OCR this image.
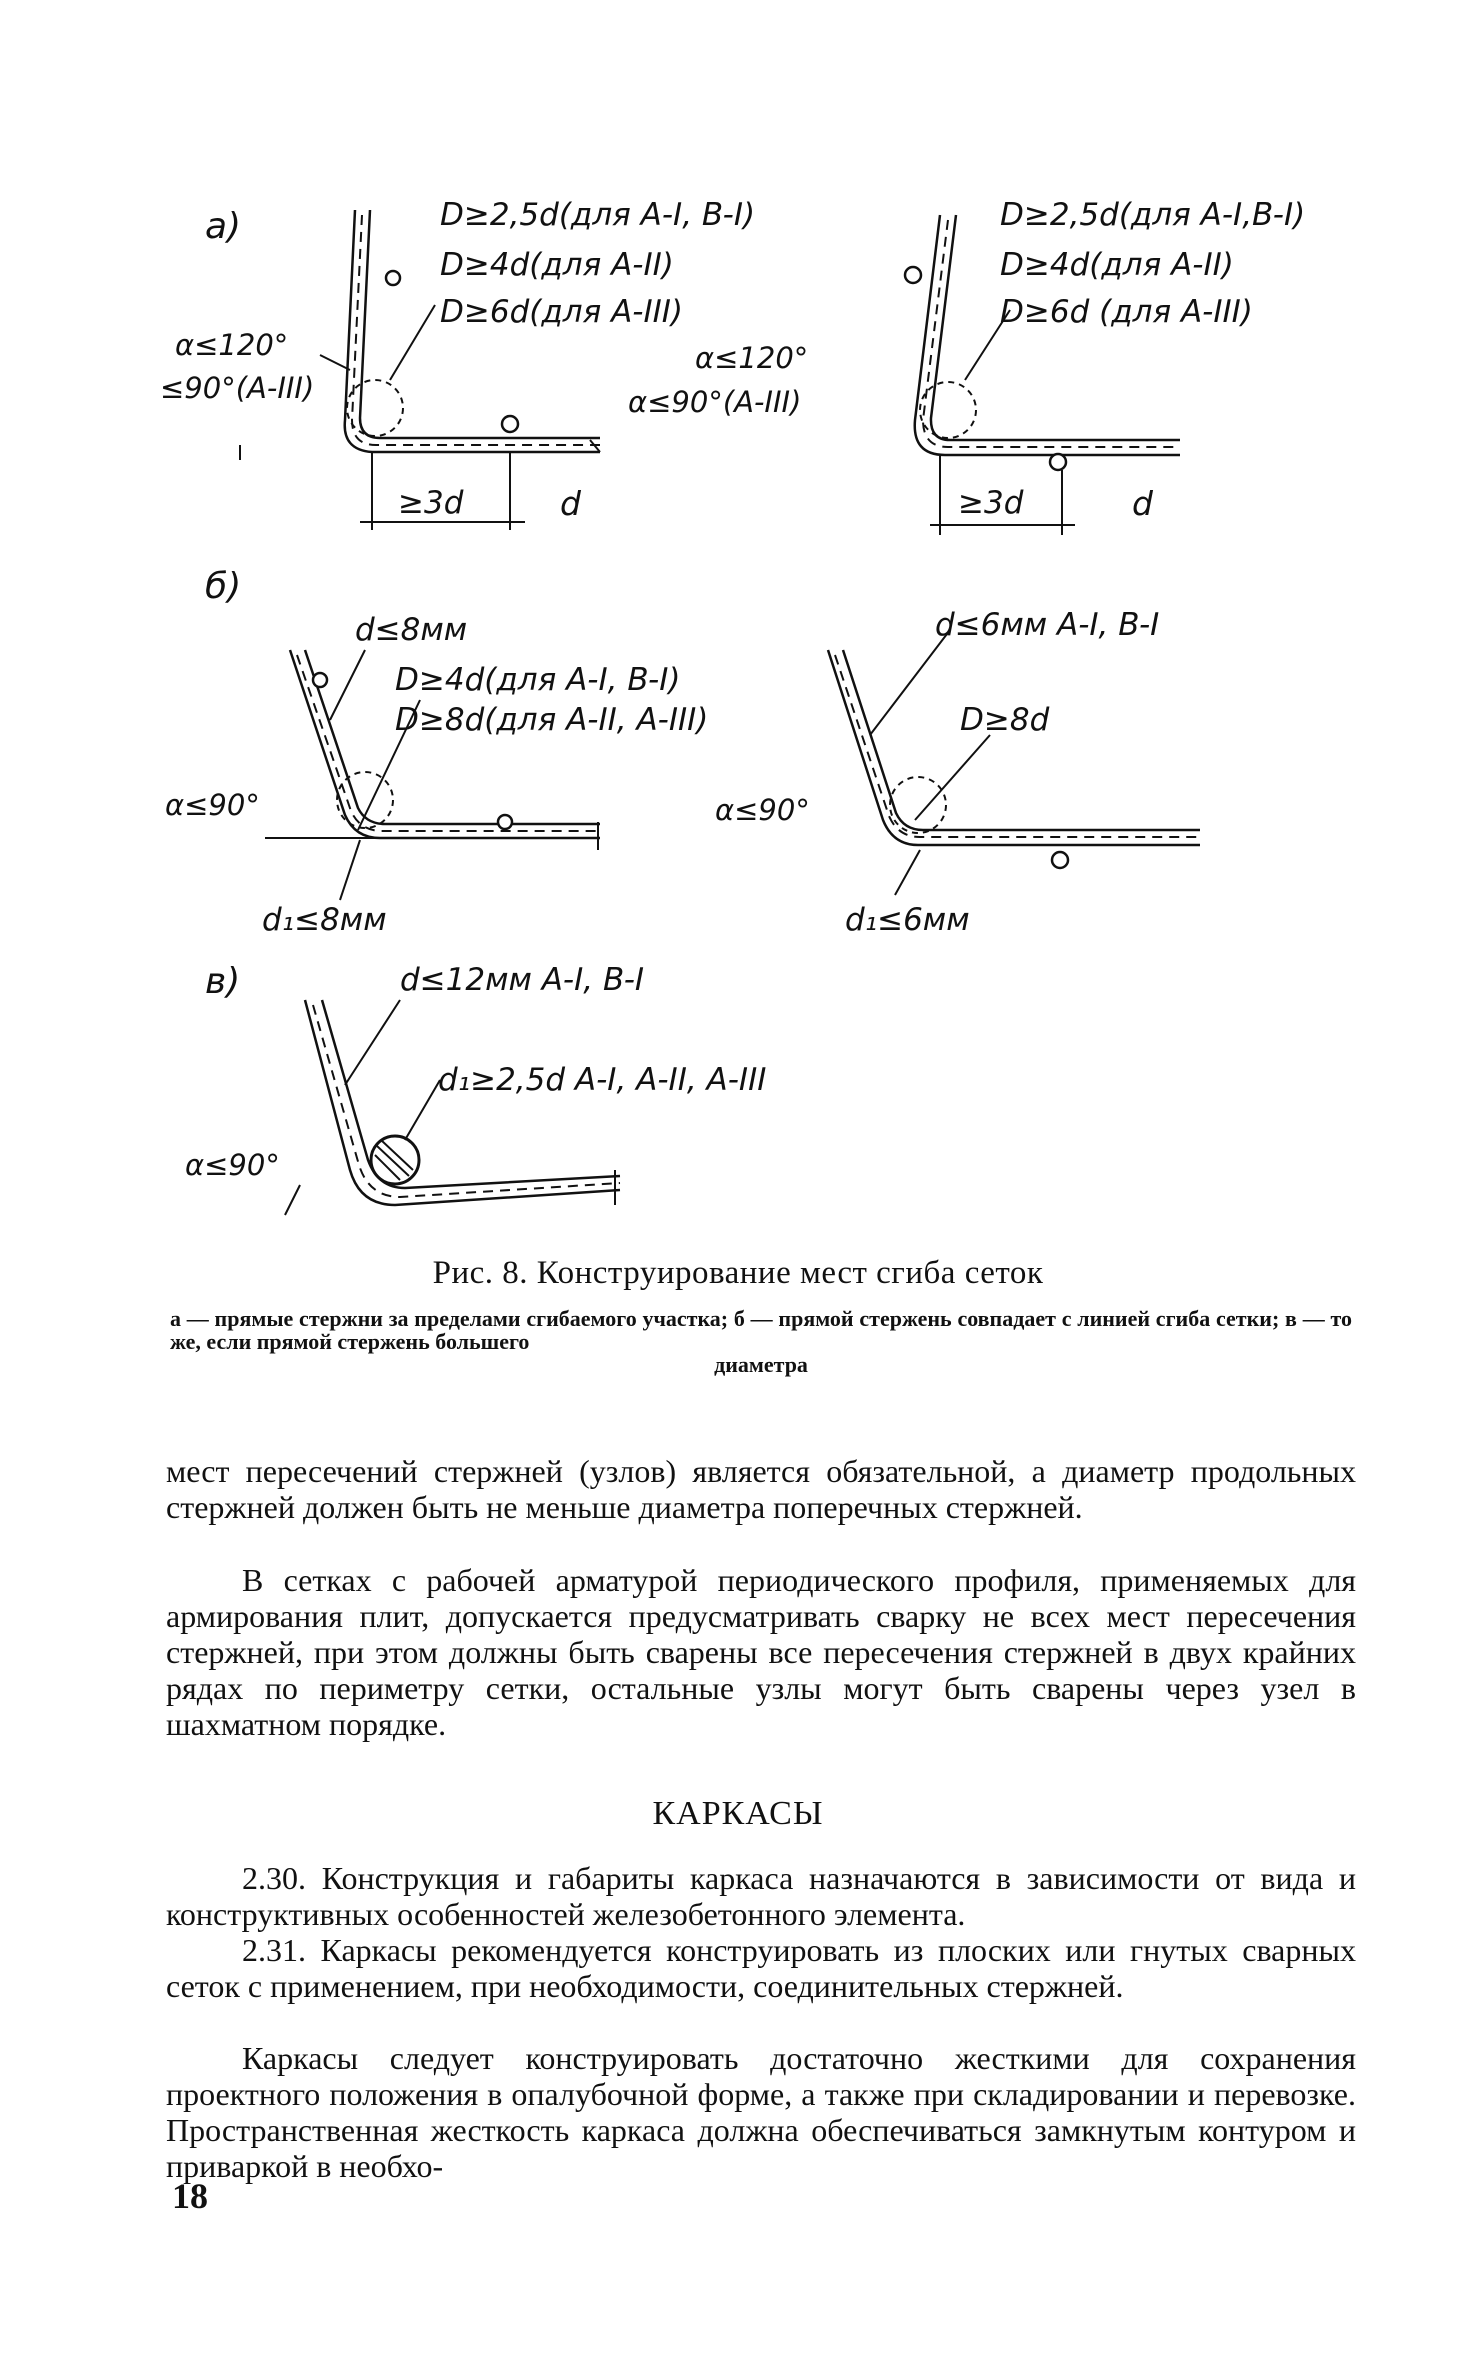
a)	D≥2,5d(для A-I, B-I)
D≥4d(для A-II)
D≥6d(для A-III)
α≤120°
≤90°(A-III)
≥3d	d
D≥2,5d(для A-I,B-I)
D≥4d(для A-II)
D≥6d (для A-III)
α≤120°
α≤90°(A-III)
≥3d	d
б)
d≤8мм
D≥4d(для A-I, B-I)
D≥8d(для A-II, A-III)
α≤90°
d₁≤8мм
d≤6мм A-I, B-I
D≥8d
α≤90°
d₁≤6мм
в)	d≤12мм A-I, B-I
d₁≥2,5d A-I, A-II, A-III
α≤90°
Рис. 8. Конструирование мест сгиба сеток
а — прямые стержни за пределами сгибаемого участка; б — прямой стержень совпадает с линией сгиба сетки; в — то же, если прямой стержень большего
диаметра

мест пересечений стержней (узлов) является обязательной, а диаметр продольных стержней должен быть не меньше диаметра поперечных стержней.

В сетках с рабочей арматурой периодического профиля, применяемых для армирования плит, допускается предусматривать сварку не всех мест пересечения стержней, при этом должны быть сварены все пересечения стержней в двух крайних рядах по периметру сетки, остальные узлы могут быть сварены через узел в шахматном порядке.

КАРКАСЫ

2.30. Конструкция и габариты каркаса назначаются в зависимости от вида и конструктивных особенностей железобетонного элемента.

2.31. Каркасы рекомендуется конструировать из плоских или гнутых сварных сеток с применением, при необходимости, соединительных стержней.

Каркасы следует конструировать достаточно жесткими для сохранения проектного положения в опалубочной форме, а также при складировании и перевозке. Пространственная жесткость каркаса должна обеспечиваться замкнутым контуром и приваркой в необхо-

18
